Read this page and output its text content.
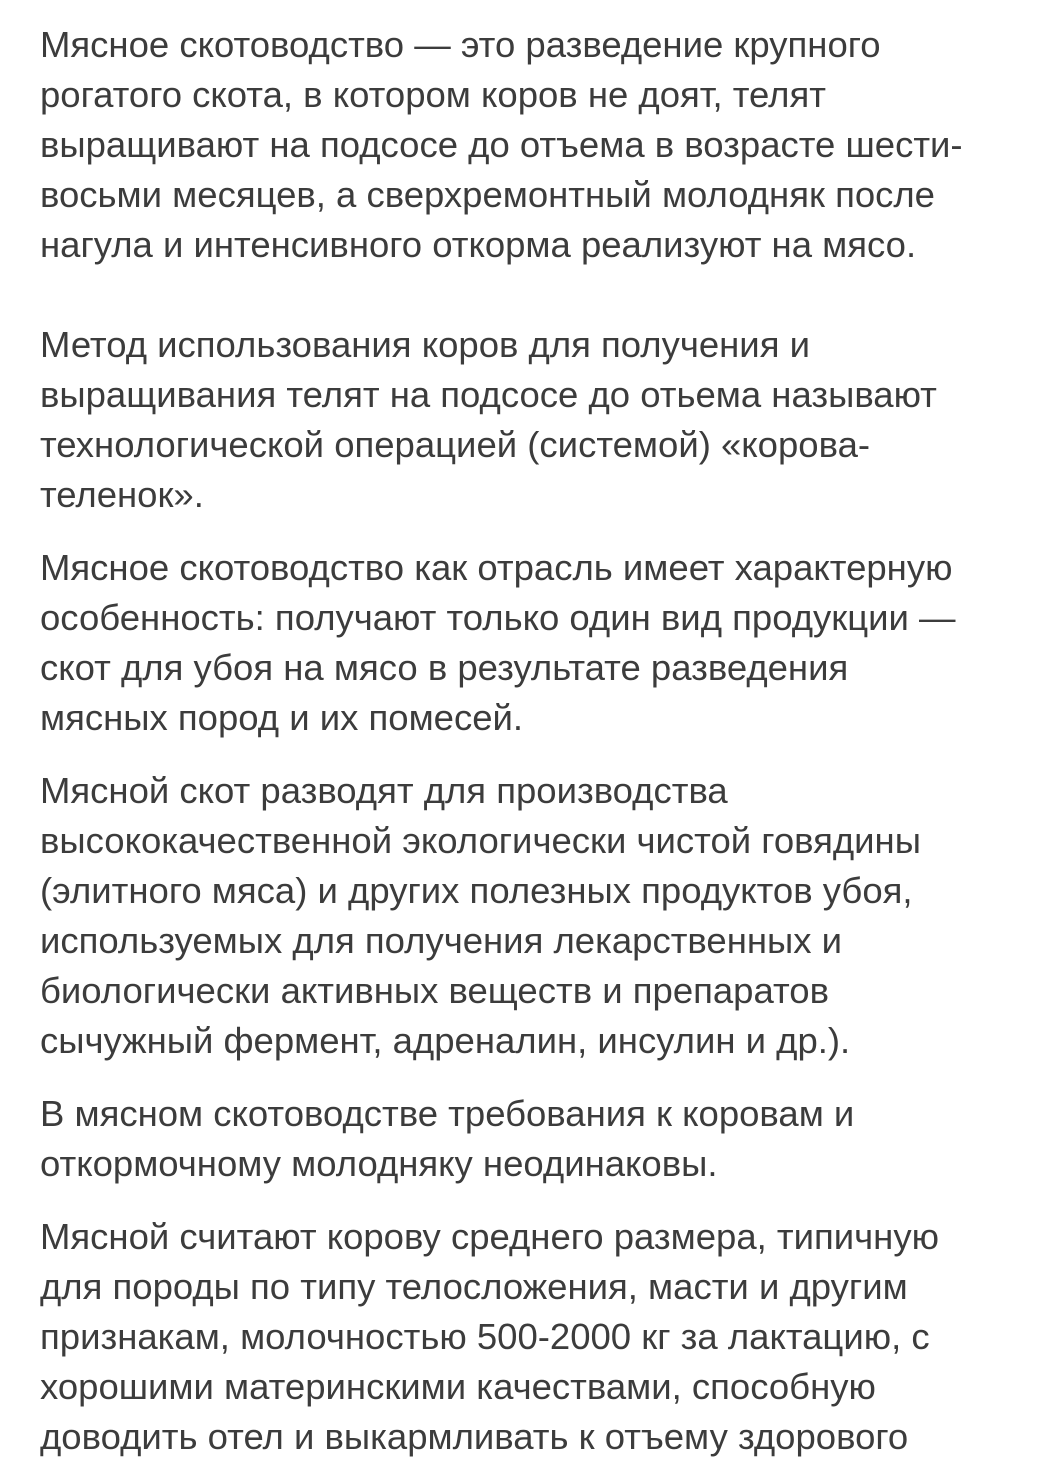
Мясное скотоводство — это разведение крупного
рогатого скота, в котором коров не доят, телят
выращивают на подсосе до отъема в возрасте шести-
восьми месяцев, а сверхремонтный молодняк после
нагула и интенсивного откорма реализуют на мясо.

Метод использования коров для получения и
выращивания телят на подсосе до отьема называют
технологической операцией (системой) «корова-
теленок».

Мясное скотоводство как отрасль имеет характерную
особенность: получают только один вид продукции —
скот для убоя на мясо в результате разведения
мясных пород и их помесей.

Мясной скот разводят для производства
высококачественной экологически чистой говядины
(элитного мяса) и других полезных продуктов убоя,
используемых для получения лекарственных и
биологически активных веществ и препаратов
сычужный фермент, адреналин, инсулин и др.).

В мясном скотоводстве требования к коровам и
откормочному молодняку неодинаковы.

Мясной считают корову среднего размера, типичную
для породы по типу телосложения, масти и другим
признакам, молочностью 500-2000 кг за лактацию, с
хорошими материнскими качествами, способную
доводить отел и выкармливать к отъему здорового
